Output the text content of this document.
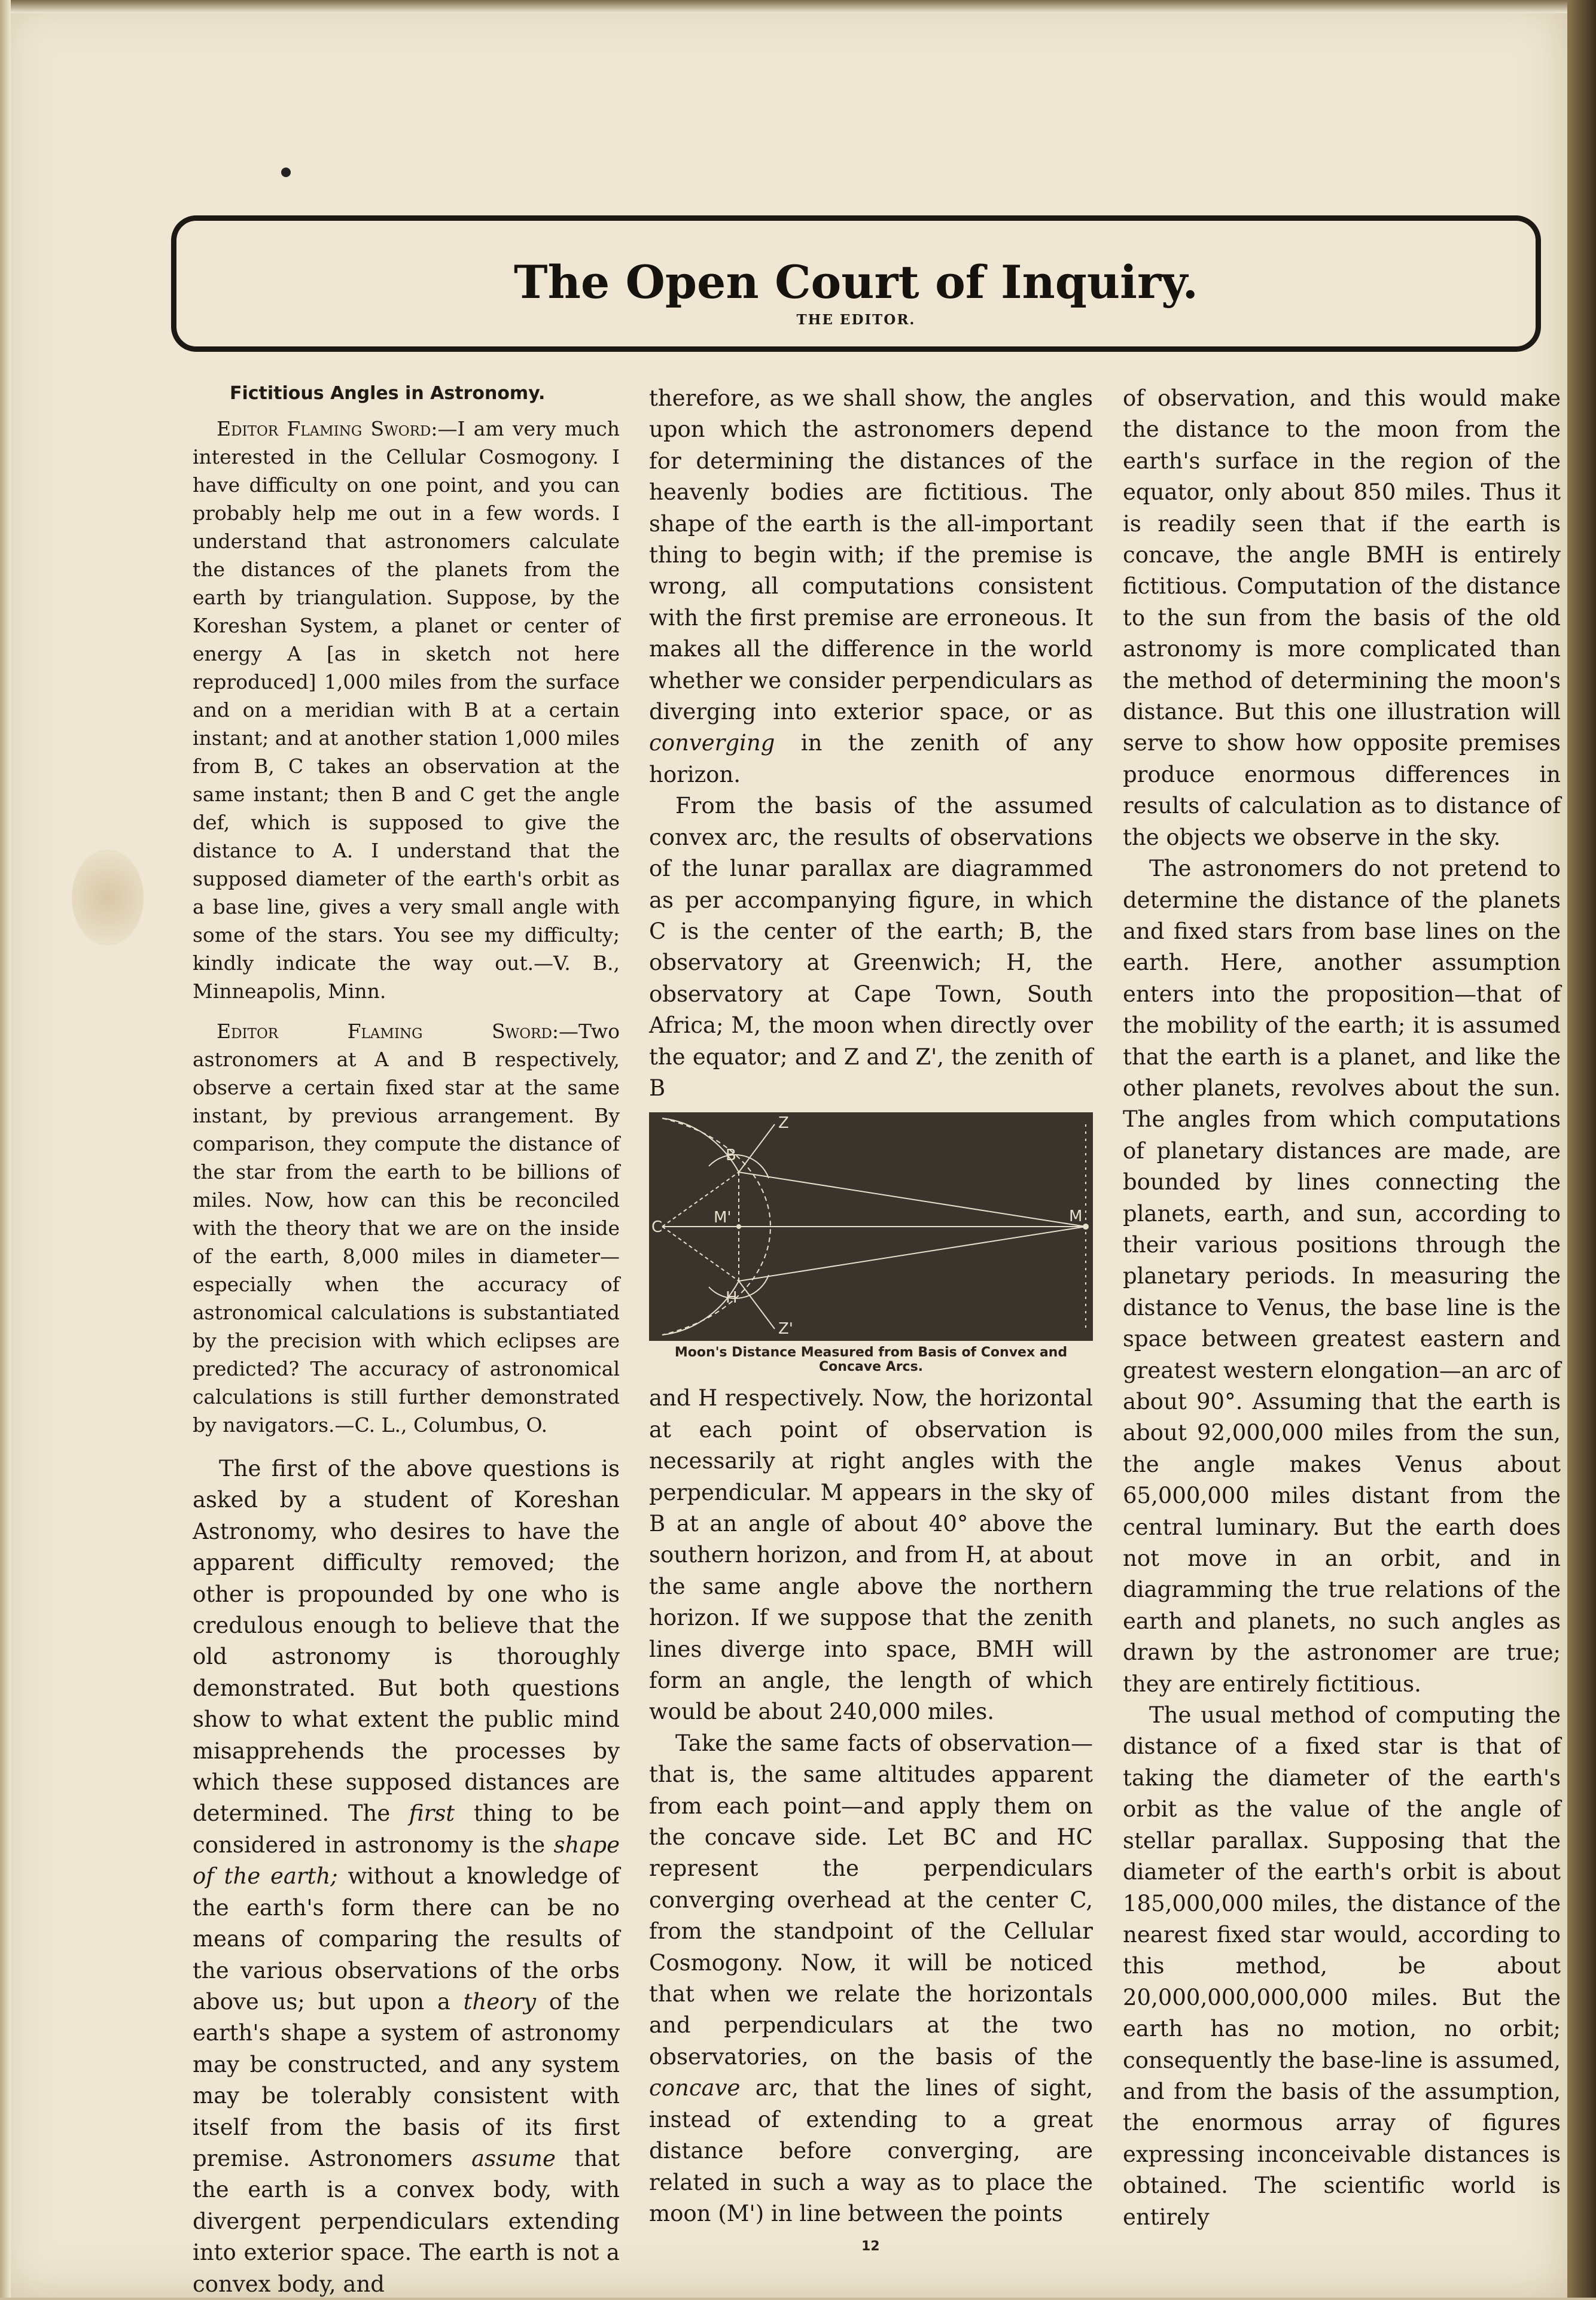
The Open Court of Inquiry.
THE EDITOR.

Fictitious Angles in Astronomy.

Editor Flaming Sword:—I am very much interested in the Cellular Cosmogony. I have difficulty on one point, and you can probably help me out in a few words. I understand that astronomers calculate the distances of the planets from the earth by triangulation. Suppose, by the Koreshan System, a planet or center of energy A [as in sketch not here reproduced] 1,000 miles from the surface and on a meridian with B at a certain instant; and at another station 1,000 miles from B, C takes an observation at the same instant; then B and C get the angle def, which is supposed to give the distance to A. I understand that the supposed diameter of the earth's orbit as a base line, gives a very small angle with some of the stars. You see my difficulty; kindly indicate the way out.—V. B., Minneapolis, Minn.

Editor Flaming Sword:—Two astronomers at A and B respectively, observe a certain fixed star at the same instant, by previous arrangement. By comparison, they compute the distance of the star from the earth to be billions of miles. Now, how can this be reconciled with the theory that we are on the inside of the earth, 8,000 miles in diameter—especially when the accuracy of astronomical calculations is substantiated by the precision with which eclipses are predicted? The accuracy of astronomical calculations is still further demonstrated by navigators.—C. L., Columbus, O.

The first of the above questions is asked by a student of Koreshan Astronomy, who desires to have the apparent difficulty removed; the other is propounded by one who is credulous enough to believe that the old astronomy is thoroughly demonstrated. But both questions show to what extent the public mind misapprehends the processes by which these supposed distances are determined. The first thing to be considered in astronomy is the shape of the earth; without a knowledge of the earth's form there can be no means of comparing the results of the various observations of the orbs above us; but upon a theory of the earth's shape a system of astronomy may be constructed, and any system may be tolerably consistent with itself from the basis of its first premise. Astronomers assume that the earth is a convex body, with divergent perpendiculars extending into exterior space. The earth is not a convex body, and

therefore, as we shall show, the angles upon which the astronomers depend for determining the distances of the heavenly bodies are fictitious. The shape of the earth is the all-important thing to begin with; if the premise is wrong, all computations consistent with the first premise are erroneous. It makes all the difference in the world whether we consider perpendiculars as diverging into exterior space, or as converging in the zenith of any horizon.

From the basis of the assumed convex arc, the results of observations of the lunar parallax are diagrammed as per accompanying figure, in which C is the center of the earth; B, the observatory at Greenwich; H, the observatory at Cape Town, South Africa; M, the moon when directly over the equator; and Z and Z', the zenith of B

B
H
Z
Z'
C
M
M'
Moon's Distance Measured from Basis of Convex and Concave Arcs.

and H respectively. Now, the horizontal at each point of observation is necessarily at right angles with the perpendicular. M appears in the sky of B at an angle of about 40° above the southern horizon, and from H, at about the same angle above the northern horizon. If we suppose that the zenith lines diverge into space, BMH will form an angle, the length of which would be about 240,000 miles.

Take the same facts of observation—that is, the same altitudes apparent from each point—and apply them on the concave side. Let BC and HC represent the perpendiculars converging overhead at the center C, from the standpoint of the Cellular Cosmogony. Now, it will be noticed that when we relate the horizontals and perpendiculars at the two observatories, on the basis of the concave arc, that the lines of sight, instead of extending to a great distance before converging, are related in such a way as to place the moon (M') in line between the points

of observation, and this would make the distance to the moon from the earth's surface in the region of the equator, only about 850 miles. Thus it is readily seen that if the earth is concave, the angle BMH is entirely fictitious. Computation of the distance to the sun from the basis of the old astronomy is more complicated than the method of determining the moon's distance. But this one illustration will serve to show how opposite premises produce enormous differences in results of calculation as to distance of the objects we observe in the sky.

The astronomers do not pretend to determine the distance of the planets and fixed stars from base lines on the earth. Here, another assumption enters into the proposition—that of the mobility of the earth; it is assumed that the earth is a planet, and like the other planets, revolves about the sun. The angles from which computations of planetary distances are made, are bounded by lines connecting the planets, earth, and sun, according to their various positions through the planetary periods. In measuring the distance to Venus, the base line is the space between greatest eastern and greatest western elongation—an arc of about 90°. Assuming that the earth is about 92,000,000 miles from the sun, the angle makes Venus about 65,000,000 miles distant from the central luminary. But the earth does not move in an orbit, and in diagramming the true relations of the earth and planets, no such angles as drawn by the astronomer are true; they are entirely fictitious.

The usual method of computing the distance of a fixed star is that of taking the diameter of the earth's orbit as the value of the angle of stellar parallax. Supposing that the diameter of the earth's orbit is about 185,000,000 miles, the distance of the nearest fixed star would, according to this method, be about 20,000,000,000,000 miles. But the earth has no motion, no orbit; consequently the base-line is assumed, and from the basis of the assumption, the enormous array of figures expressing inconceivable distances is obtained. The scientific world is entirely

12
